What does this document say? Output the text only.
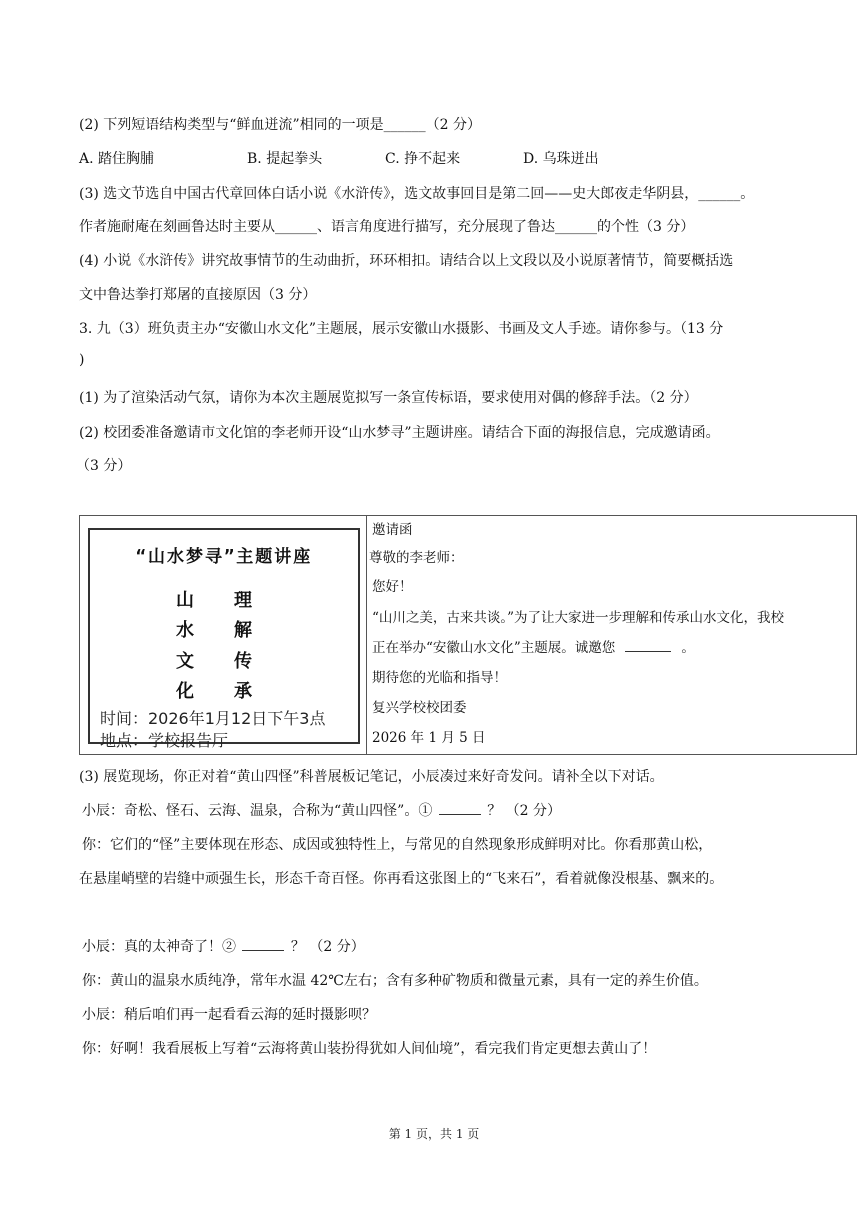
(2) 下列短语结构类型与“鲜血迸流”相同的一项是______（2 分）
A. 踏住胸脯	B. 提起拳头	C. 挣不起来	D. 乌珠迸出
(3) 选文节选自中国古代章回体白话小说《水浒传》，选文故事回目是第二回——史大郎夜走华阴县，______。
作者施耐庵在刻画鲁达时主要从______、语言角度进行描写，充分展现了鲁达______的个性（3 分）
(4) 小说《水浒传》讲究故事情节的生动曲折，环环相扣。请结合以上文段以及小说原著情节，简要概括选
文中鲁达拳打郑屠的直接原因（3 分）
3. 九（3）班负责主办“安徽山水文化”主题展，展示安徽山水摄影、书画及文人手迹。请你参与。（13 分
)
(1) 为了渲染活动气氛，请你为本次主题展览拟写一条宣传标语，要求使用对偶的修辞手法。（2 分）
(2) 校团委准备邀请市文化馆的李老师开设“山水梦寻”主题讲座。请结合下面的海报信息，完成邀请函。
（3 分）
“山水梦寻”主题讲座
山 理
水 解
文 传
化 承
时间：2026年1月12日下午3点
地点：学校报告厅
邀请函
尊敬的李老师：
您好！
“山川之美，古来共谈。”为了让大家进一步理解和传承山水文化，我校
正在举办“安徽山水文化”主题展。诚邀您	。
期待您的光临和指导！
复兴学校校团委
2026 年 1 月 5 日
(3) 展览现场，你正对着“黄山四怪”科普展板记笔记，小辰凑过来好奇发问。请补全以下对话。
小辰：奇松、怪石、云海、温泉，合称为“黄山四怪”。①	？ （2 分）
你：它们的“怪”主要体现在形态、成因或独特性上，与常见的自然现象形成鲜明对比。你看那黄山松，
在悬崖峭壁的岩缝中顽强生长，形态千奇百怪。你再看这张图上的“飞来石”，看着就像没根基、飘来的。
小辰：真的太神奇了！②	？ （2 分）
你：黄山的温泉水质纯净，常年水温 42℃左右；含有多种矿物质和微量元素，具有一定的养生价值。
小辰：稍后咱们再一起看看云海的延时摄影呗？
你：好啊！我看展板上写着“云海将黄山装扮得犹如人间仙境”，看完我们肯定更想去黄山了！
第 1 页，共 1 页
